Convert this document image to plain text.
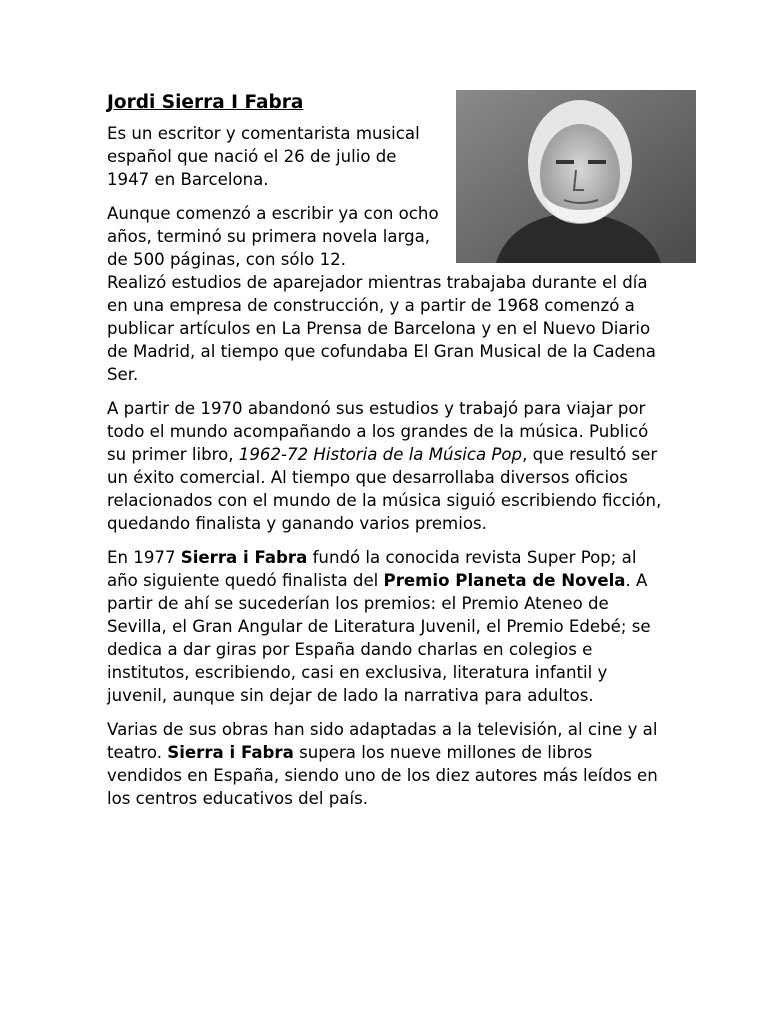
Jordi Sierra I Fabra

Es un escritor y comentarista musical español que nació el 26 de julio de 1947 en Barcelona.

Aunque comenzó a escribir ya con ocho años, terminó su primera novela larga, de 500 páginas, con sólo 12.

Realizó estudios de aparejador mientras trabajaba durante el día en una empresa de construcción, y a partir de 1968 comenzó a publicar artículos en La Prensa de Barcelona y en el Nuevo Diario de Madrid, al tiempo que cofundaba El Gran Musical de la Cadena Ser.

A partir de 1970 abandonó sus estudios y trabajó para viajar por todo el mundo acompañando a los grandes de la música. Publicó su primer libro, 1962-72 Historia de la Música Pop, que resultó ser un éxito comercial. Al tiempo que desarrollaba diversos oficios relacionados con el mundo de la música siguió escribiendo ficción, quedando finalista y ganando varios premios.

En 1977 Sierra i Fabra fundó la conocida revista Super Pop; al año siguiente quedó finalista del Premio Planeta de Novela. A partir de ahí se sucederían los premios: el Premio Ateneo de Sevilla, el Gran Angular de Literatura Juvenil, el Premio Edebé; se dedica a dar giras por España dando charlas en colegios e institutos, escribiendo, casi en exclusiva, literatura infantil y juvenil, aunque sin dejar de lado la narrativa para adultos.

Varias de sus obras han sido adaptadas a la televisión, al cine y al teatro. Sierra i Fabra supera los nueve millones de libros vendidos en España, siendo uno de los diez autores más leídos en los centros educativos del país.
